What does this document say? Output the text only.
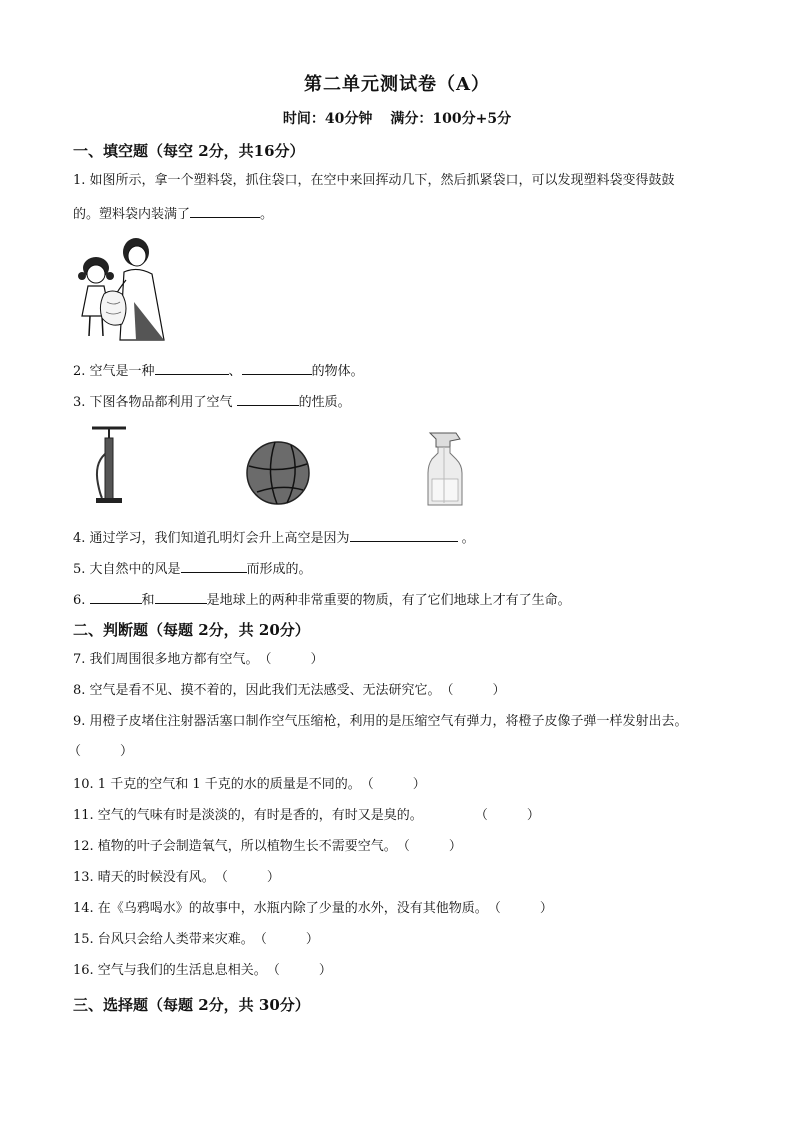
第二单元测试卷（A）
时间：40分钟 满分：100分+5分
一、填空题（每空 2分，共16分）
1. 如图所示，拿一个塑料袋，抓住袋口，在空中来回挥动几下，然后抓紧袋口，可以发现塑料袋变得鼓鼓
的。塑料袋内装满了	。
2. 空气是一种	、	的物体。
3. 下图各物品都利用了空气	的性质。
4. 通过学习，我们知道孔明灯会升上高空是因为	。
5. 大自然中的风是	而形成的。
6.	和	是地球上的两种非常重要的物质，有了它们地球上才有了生命。
二、判断题（每题 2分，共 20分）
7. 我们周围很多地方都有空气。（　　　）
8. 空气是看不见、摸不着的，因此我们无法感受、无法研究它。（　　　）
9. 用橙子皮堵住注射器活塞口制作空气压缩枪，利用的是压缩空气有弹力，将橙子皮像子弹一样发射出去。
（　　　）
10. 1 千克的空气和 1 千克的水的质量是不同的。（　　　）
11. 空气的气味有时是淡淡的，有时是香的，有时又是臭的。	（　　　）
12. 植物的叶子会制造氧气，所以植物生长不需要空气。（　　　）
13. 晴天的时候没有风。（　　　）
14. 在《乌鸦喝水》的故事中，水瓶内除了少量的水外，没有其他物质。（　　　）
15. 台风只会给人类带来灾难。（　　　）
16. 空气与我们的生活息息相关。（　　　）
三、选择题（每题 2分，共 30分）
